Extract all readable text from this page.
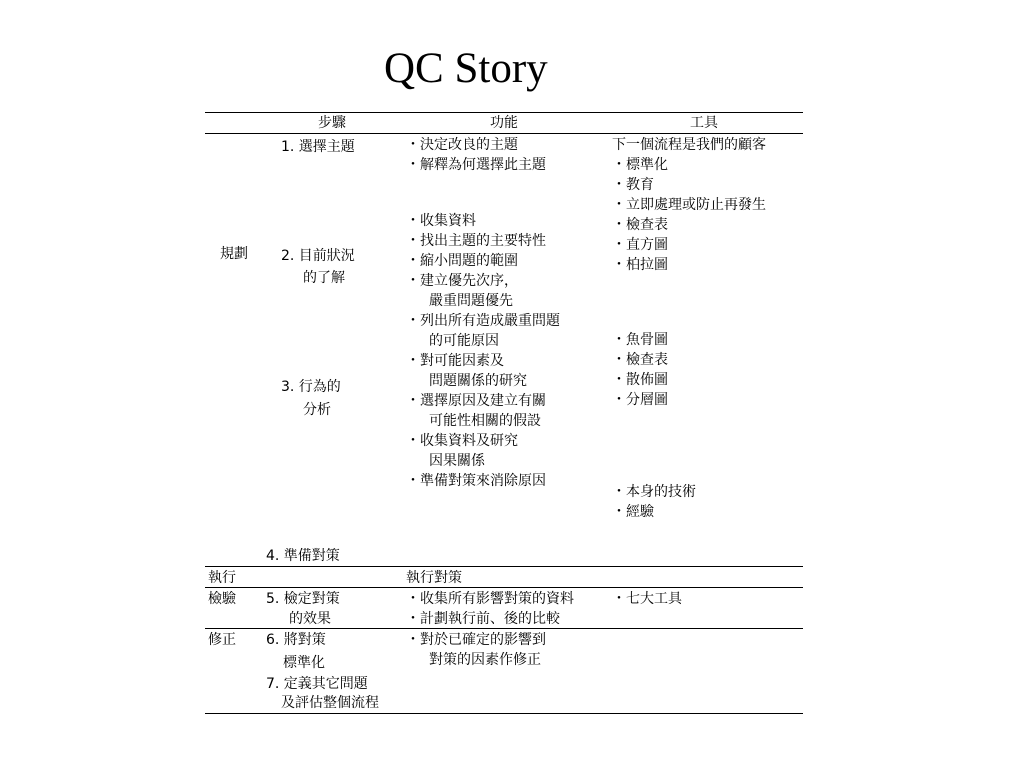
QC Story
步驟	功能	工具
規劃
執行
檢驗
修正
1. 選擇主題
2. 目前狀況
的了解
3. 行為的
分析
4. 準備對策
5. 檢定對策
的效果
6. 將對策
標準化
7. 定義其它問題
及評估整個流程
・決定改良的主題
・解釋為何選擇此主題
・收集資料
・找出主題的主要特性
・縮小問題的範圍
・建立優先次序，
嚴重問題優先
・列出所有造成嚴重問題
的可能原因
・對可能因素及
問題關係的研究
・選擇原因及建立有關
可能性相關的假設
・收集資料及研究
因果關係
・準備對策來消除原因
執行對策
・收集所有影響對策的資料
・計劃執行前、後的比較
・對於已確定的影響到
對策的因素作修正
下一個流程是我們的顧客
・標準化
・教育
・立即處理或防止再發生
・檢查表
・直方圖
・柏拉圖
・魚骨圖
・檢查表
・散佈圖
・分層圖
・本身的技術
・經驗
・七大工具
